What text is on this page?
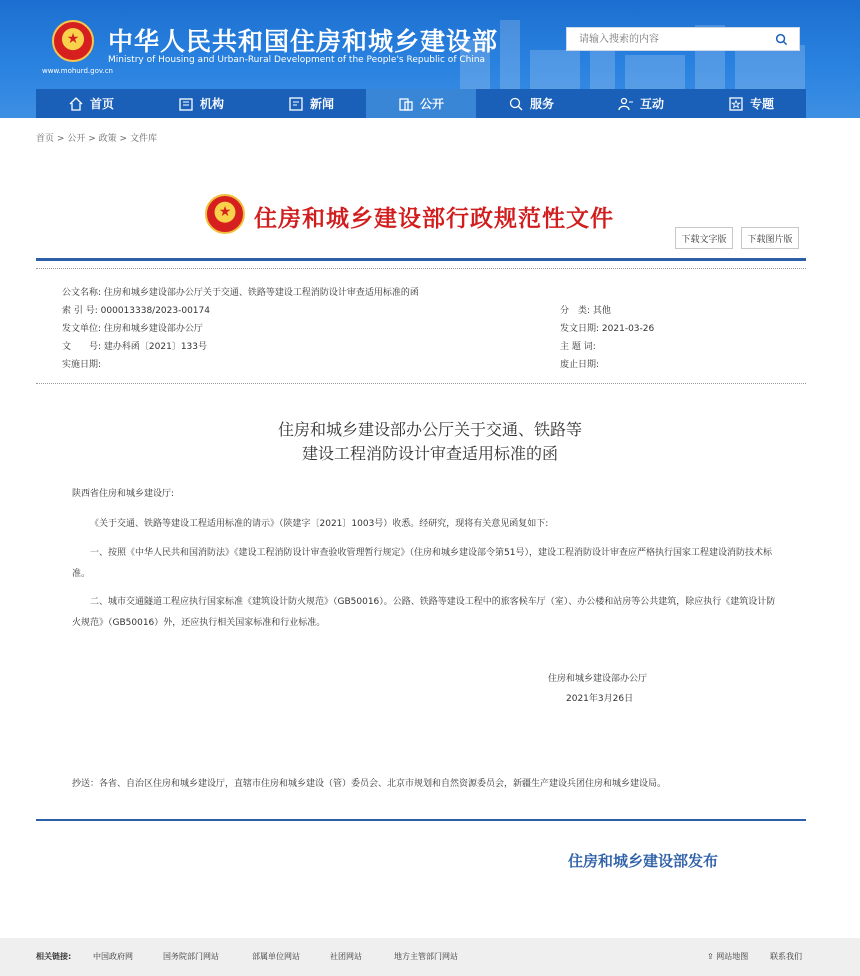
★
中华人民共和国住房和城乡建设部
Ministry of Housing and Urban-Rural Development of the People's Republic of China
www.mohurd.gov.cn
请输入搜索的内容
首页	机构	新闻	公开	服务	互动	专题
首页 > 公开 > 政策 > 文件库
★
住房和城乡建设部行政规范性文件
下载文字版	下载图片版
公文名称: 住房和城乡建设部办公厅关于交通、铁路等建设工程消防设计审查适用标准的函
索 引 号: 000013338/2023-00174	分　类: 其他
发文单位: 住房和城乡建设部办公厅	发文日期: 2021-03-26
文　　号: 建办科函〔2021〕133号	主 题 词:
实施日期:	废止日期:
住房和城乡建设部办公厅关于交通、铁路等
建设工程消防设计审查适用标准的函
陕西省住房和城乡建设厅:
《关于交通、铁路等建设工程适用标准的请示》（陕建字〔2021〕1003号）收悉。经研究，现将有关意见函复如下:
一、按照《中华人民共和国消防法》《建设工程消防设计审查验收管理暂行规定》（住房和城乡建设部令第51号），建设工程消防设计审查应严格执行国家工程建设消防技术标准。
二、城市交通隧道工程应执行国家标准《建筑设计防火规范》（GB50016）。公路、铁路等建设工程中的旅客候车厅（室）、办公楼和站房等公共建筑，除应执行《建筑设计防火规范》（GB50016）外，还应执行相关国家标准和行业标准。
住房和城乡建设部办公厅
2021年3月26日
抄送：各省、自治区住房和城乡建设厅，直辖市住房和城乡建设（管）委员会、北京市规划和自然资源委员会，新疆生产建设兵团住房和城乡建设局。
住房和城乡建设部发布
相关链接:	中国政府网	国务院部门网站	部属单位网站	社团网站	地方主管部门网站	⇪ 网站地图	联系我们
